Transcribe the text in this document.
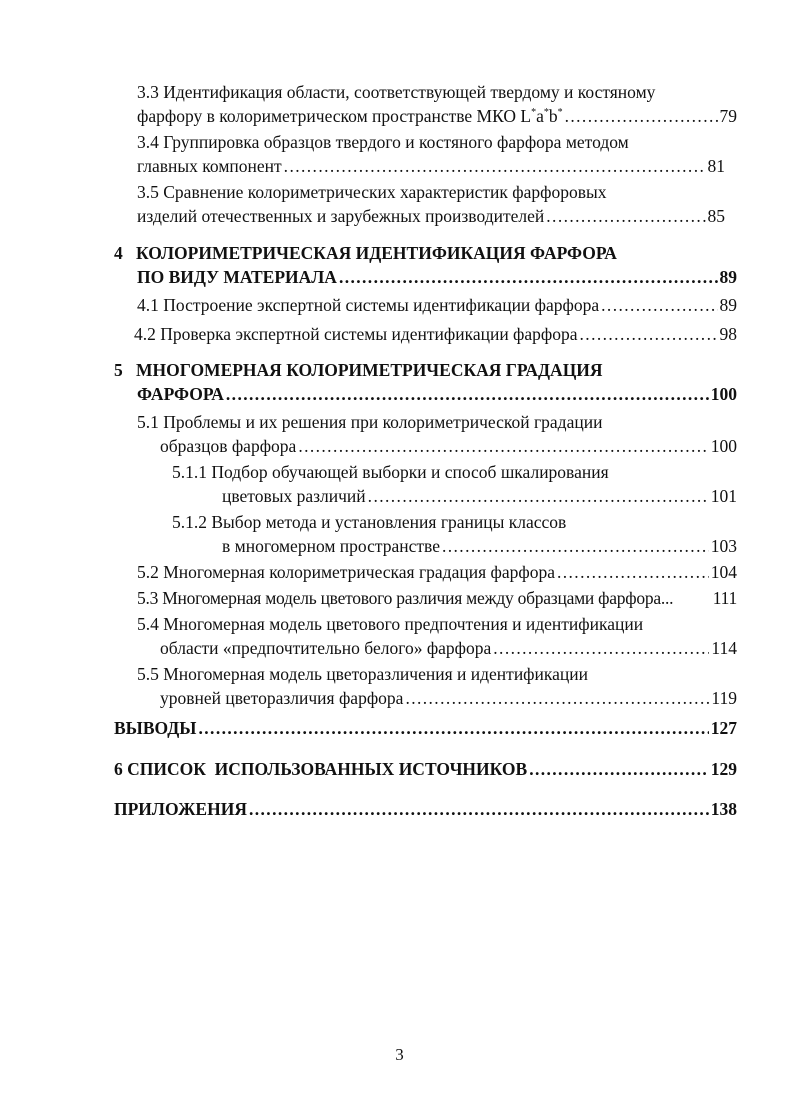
3.3 Идентификация области, соответствующей твердому и костяному
фарфору в колориметрическом пространстве МКО L*a*b* .....	79
3.4 Группировка образцов твердого и костяного фарфора методом
главных компонент .....	81
3.5 Сравнение колориметрических характеристик фарфоровых
изделий отечественных и зарубежных производителей .....	85
4 КОЛОРИМЕТРИЧЕСКАЯ ИДЕНТИФИКАЦИЯ ФАРФОРА
ПО ВИДУ МАТЕРИАЛА .....	89
4.1 Построение экспертной системы идентификации фарфора .....	89
4.2 Проверка экспертной системы идентификации фарфора .....	98
5 МНОГОМЕРНАЯ КОЛОРИМЕТРИЧЕСКАЯ ГРАДАЦИЯ
ФАРФОРА .....	100
5.1 Проблемы и их решения при колориметрической градации
образцов фарфора .....	100
5.1.1 Подбор обучающей выборки и способ шкалирования
цветовых различий .....	101
5.1.2 Выбор метода и установления границы классов
в многомерном пространстве .....	103
5.2 Многомерная колориметрическая градация фарфора .....	104
5.3 Многомерная модель цветового различия между образцами фарфора... 111
5.4 Многомерная модель цветового предпочтения и идентификации
области «предпочтительно белого» фарфора .....	114
5.5 Многомерная модель цветоразличения и идентификации
уровней цветоразличия фарфора .....	119
ВЫВОДЫ .....	127
6 СПИСОК  ИСПОЛЬЗОВАННЫХ ИСТОЧНИКОВ .....	129
ПРИЛОЖЕНИЯ .....	138
3
